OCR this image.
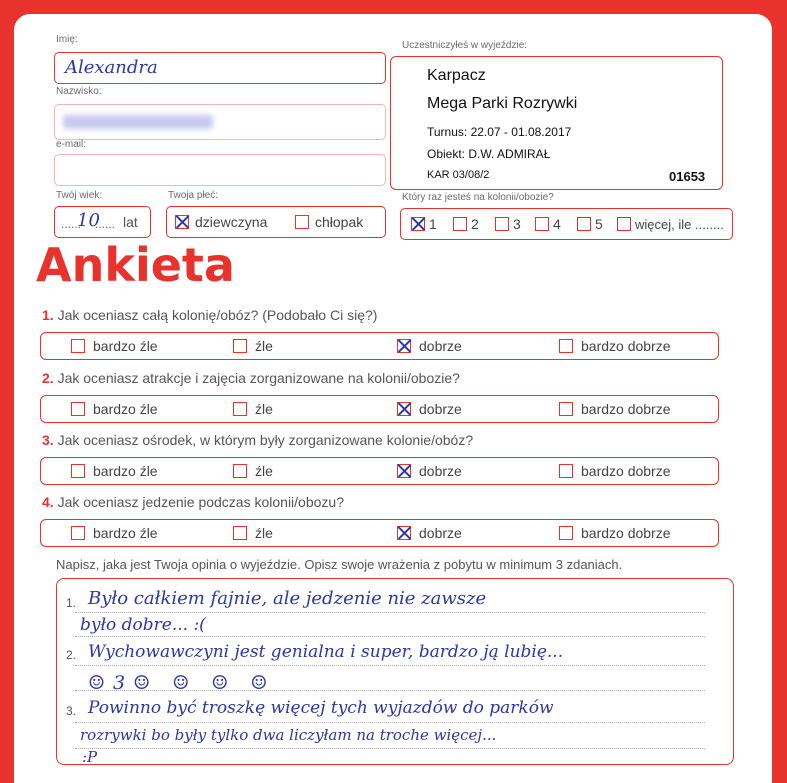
Imię:
Alexandra
Nazwisko:
e-mail:
Twój wiek:
......
10
...... lat
Twoja płeć:
dziewczyna	chłopak
Uczestniczyłeś w wyjeździe:
Karpacz
Mega Parki Rozrywki
Turnus: 22.07 - 01.08.2017
Obiekt: D.W. ADMIRAŁ
KAR 03/08/2	01653
Który raz jesteś na kolonii/obozie?
1	2	3	4	5	więcej, ile ........
Ankieta
1. Jak oceniasz całą kolonię/obóz? (Podobało Ci się?)
bardzo źle	źle	dobrze	bardzo dobrze
2. Jak oceniasz atrakcje i zajęcia zorganizowane na kolonii/obozie?
bardzo źle	źle	dobrze	bardzo dobrze
3. Jak oceniasz ośrodek, w którym były zorganizowane kolonie/obóz?
bardzo źle	źle	dobrze	bardzo dobrze
4. Jak oceniasz jedzenie podczas kolonii/obozu?
bardzo źle	źle	dobrze	bardzo dobrze
Napisz, jaka jest Twoja opinia o wyjeździe. Opisz swoje wrażenia z pobytu w minimum 3 zdaniach.
1. Było całkiem fajnie, ale jedzenie nie zawsze
było dobre... :(
2. Wychowawczyni jest genialna i super, bardzo ją lubię...
☺3☺ ☺ ☺ ☺
3. Powinno być troszkę więcej tych wyjazdów do parków
rozrywki bo były tylko dwa liczyłam na troche więcej...
:P
